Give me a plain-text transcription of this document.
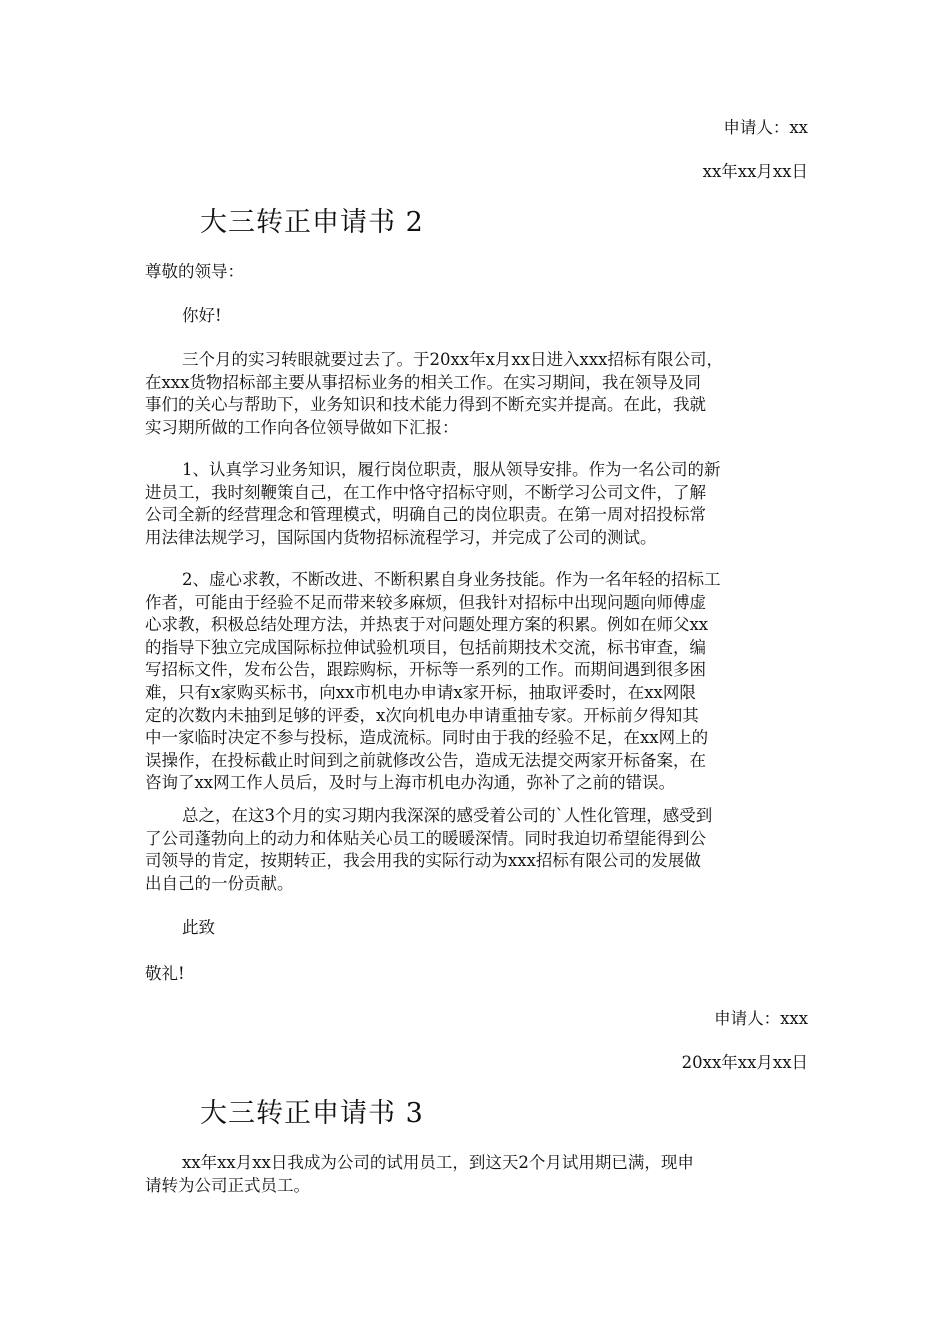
申请人：xx
xx年xx月xx日
大三转正申请书 2
尊敬的领导：
你好!
三个月的实习转眼就要过去了。于20xx年x月xx日进入xxx招标有限公司，
在xxx货物招标部主要从事招标业务的相关工作。在实习期间，我在领导及同
事们的关心与帮助下，业务知识和技术能力得到不断充实并提高。在此，我就
实习期所做的工作向各位领导做如下汇报：
1、认真学习业务知识，履行岗位职责，服从领导安排。作为一名公司的新
进员工，我时刻鞭策自己，在工作中恪守招标守则，不断学习公司文件，了解
公司全新的经营理念和管理模式，明确自己的岗位职责。在第一周对招投标常
用法律法规学习，国际国内货物招标流程学习，并完成了公司的测试。
2、虚心求教，不断改进、不断积累自身业务技能。作为一名年轻的招标工
作者，可能由于经验不足而带来较多麻烦，但我针对招标中出现问题向师傅虚
心求教，积极总结处理方法，并热衷于对问题处理方案的积累。例如在师父xx
的指导下独立完成国际标拉伸试验机项目，包括前期技术交流，标书审查，编
写招标文件，发布公告，跟踪购标，开标等一系列的工作。而期间遇到很多困
难，只有x家购买标书，向xx市机电办申请x家开标，抽取评委时，在xx网限
定的次数内未抽到足够的评委，x次向机电办申请重抽专家。开标前夕得知其
中一家临时决定不参与投标，造成流标。同时由于我的经验不足，在xx网上的
误操作，在投标截止时间到之前就修改公告，造成无法提交两家开标备案，在
咨询了xx网工作人员后，及时与上海市机电办沟通，弥补了之前的错误。
总之，在这3个月的实习期内我深深的感受着公司的`人性化管理，感受到
了公司蓬勃向上的动力和体贴关心员工的暖暖深情。同时我迫切希望能得到公
司领导的肯定，按期转正，我会用我的实际行动为xxx招标有限公司的发展做
出自己的一份贡献。
此致
敬礼!
申请人：xxx
20xx年xx月xx日
大三转正申请书 3
xx年xx月xx日我成为公司的试用员工，到这天2个月试用期已满，现申
请转为公司正式员工。
